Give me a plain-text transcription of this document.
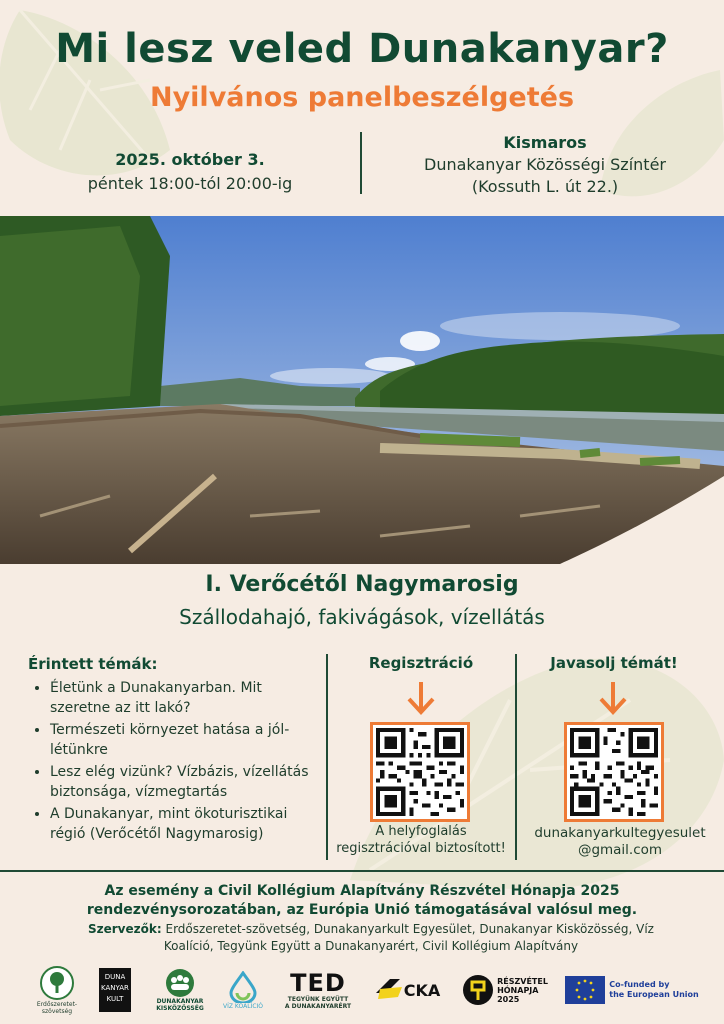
Mi lesz veled Dunakanyar?
Nyilvános panelbeszélgetés
2025. október 3.
péntek 18:00-tól 20:00-ig
Kismaros
Dunakanyar Közösségi Színtér
(Kossuth L. út 22.)
I. Verőcétől Nagymarosig
Szállodahajó, fakivágások, vízellátás
Érintett témák:
• Életünk a Dunakanyarban. Mit szeretne az itt lakó?
• Természeti környezet hatása a jól-létünkre
• Lesz elég vizünk? Vízbázis, vízellátás biztonsága, vízmegtartás
• A Dunakanyar, mint ökoturisztikai régió (Verőcétől Nagymarosig)
Regisztráció
A helyfoglalás
regisztrációval biztosított!
Javasolj témát!
dunakanyarkultegyesulet
@gmail.com
Az esemény a Civil Kollégium Alapítvány Részvétel Hónapja 2025
rendezvénysorozatában, az Európia Unió támogatásával valósul meg.
Szervezők: Erdőszeretet-szövetség, Dunakanyarkult Egyesület, Dunakanyar Kisközösség, Víz Koalíció, Tegyünk Együtt a Dunakanyarért, Civil Kollégium Alapítvány
Erdőszeretet-szövetség
DUNA
KANYAR
KULT	DUNAKANYAR
KISKÖZÖSSÉG	VÍZ KOALÍCIÓ
TED
TEGYÜNK EGYÜTT
A DUNAKANYARÉRT
CKA	RÉSZVÉTEL
HÓNAPJA
2025
Co-funded by
the European Union
